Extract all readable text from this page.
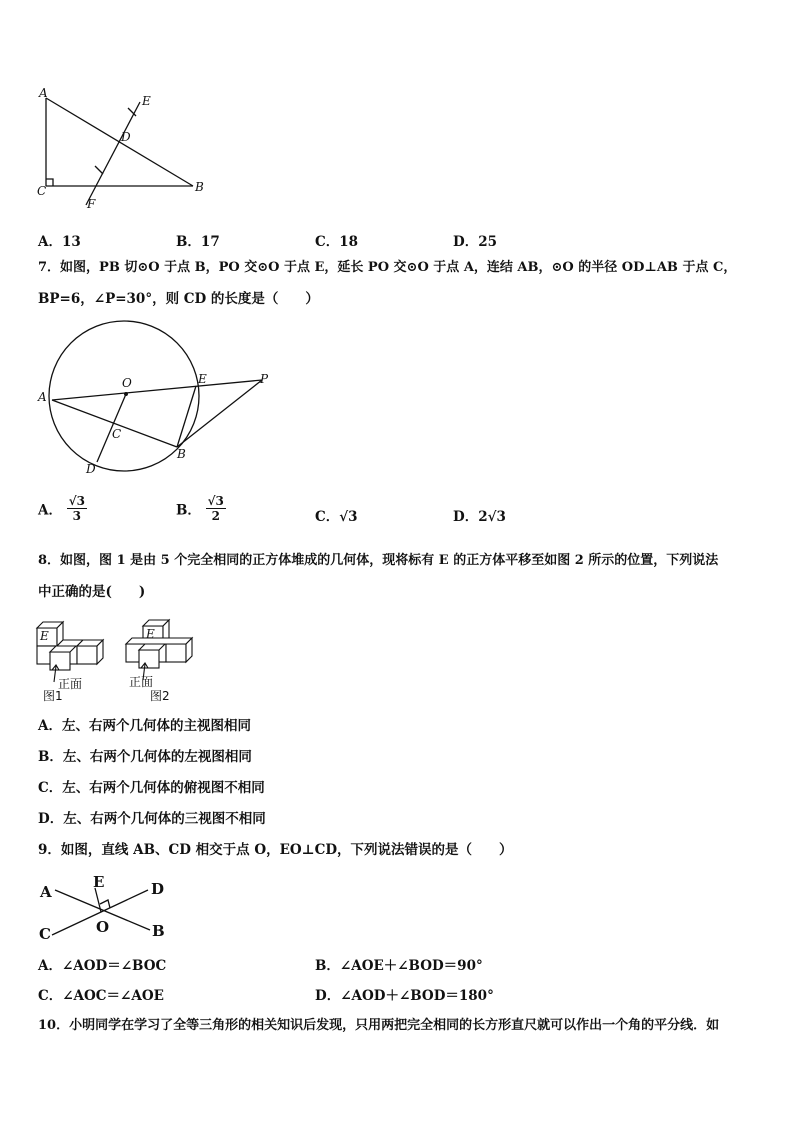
A
E
D
C	B
F
A．13	B．17	C．18	D．25
7．如图，PB 切⊙O 于点 B，PO 交⊙O 于点 E，延长 PO 交⊙O 于点 A，连结 AB，⊙O 的半径 OD⊥AB 于点 C，
BP=6，∠P=30°，则 CD 的长度是（　　）
A
O	E	P
C
B
D
A． $\frac{√3}{3}$	B． $\frac{√3}{2}$	C．√3	D．2√3
8．如图，图 1 是由 5 个完全相同的正方体堆成的几何体，现将标有 E 的正方体平移至如图 2 所示的位置，下列说法
中正确的是(　　)
E
正面
图1
E
正面
图2
A．左、右两个几何体的主视图相同
B．左、右两个几何体的左视图相同
C．左、右两个几何体的俯视图不相同
D．左、右两个几何体的三视图不相同
9．如图，直线 AB、CD 相交于点 O，EO⊥CD，下列说法错误的是（　　）
A
E	D
O
C	B
A．∠AOD＝∠BOC	B．∠AOE＋∠BOD＝90°
C．∠AOC＝∠AOE	D．∠AOD＋∠BOD＝180°
10．小明同学在学习了全等三角形的相关知识后发现，只用两把完全相同的长方形直尺就可以作出一个角的平分线．如
